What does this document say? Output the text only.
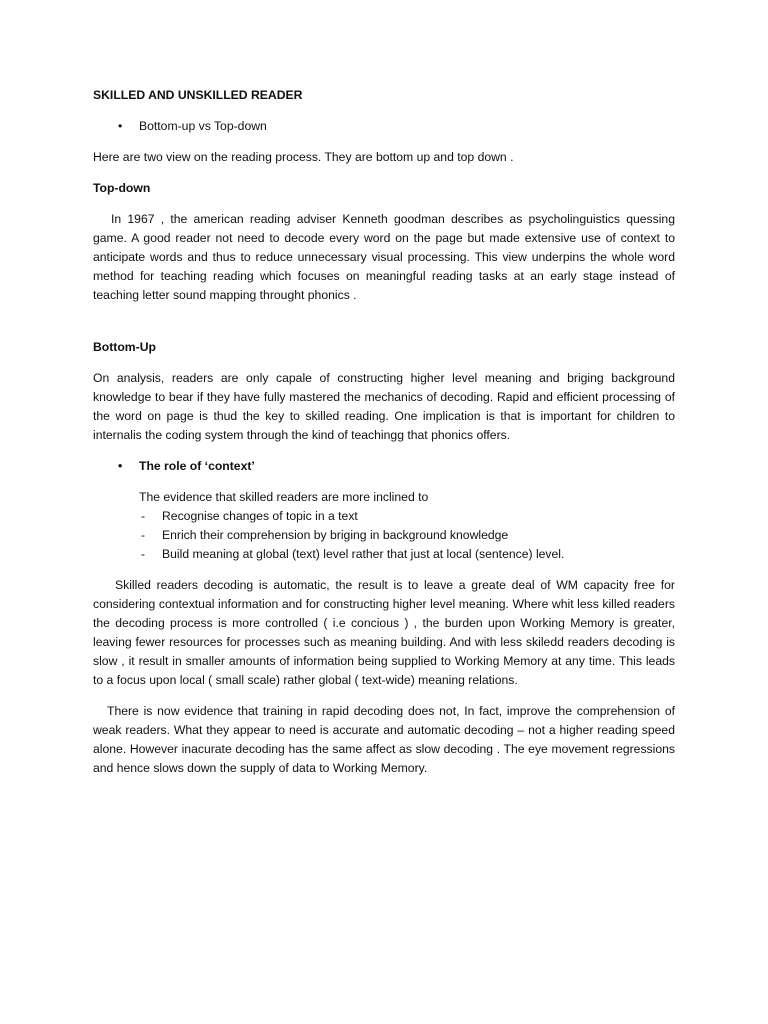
SKILLED AND UNSKILLED READER
• Bottom-up vs Top-down

Here are two view on the reading process. They are bottom up and top down .

Top-down

In 1967 , the american reading adviser Kenneth goodman describes as psycholinguistics quessing game. A good reader not need to decode every word on the page but made extensive use of context to anticipate words and thus to reduce unnecessary visual processing. This view underpins the whole word method for teaching reading which focuses on meaningful reading tasks at an early stage instead of teaching letter sound mapping throught phonics .

Bottom-Up

On analysis, readers are only capale of constructing higher level meaning and briging background knowledge to bear if they have fully mastered the mechanics of decoding. Rapid and efficient processing of the word on page is thud the key to skilled reading. One implication is that is important for children to internalis the coding system through the kind of teachingg that phonics offers.

• The role of ‘context’
The evidence that skilled readers are more inclined to
- Recognise changes of topic in a text
- Enrich their comprehension by briging in background knowledge
- Build meaning at global (text) level rather that just at local (sentence) level.

Skilled readers decoding is automatic, the result is to leave a greate deal of WM capacity free for considering contextual information and for constructing higher level meaning. Where whit less killed readers the decoding process is more controlled ( i.e concious ) , the burden upon Working Memory is greater, leaving fewer resources for processes such as meaning building. And with less skiledd readers decoding is slow , it result in smaller amounts of information being supplied to Working Memory at any time. This leads to a focus upon local ( small scale) rather global ( text-wide) meaning relations.

There is now evidence that training in rapid decoding does not, In fact, improve the comprehension of weak readers. What they appear to need is accurate and automatic decoding – not a higher reading speed alone. However inacurate decoding has the same affect as slow decoding . The eye movement regressions and hence slows down the supply of data to Working Memory.
